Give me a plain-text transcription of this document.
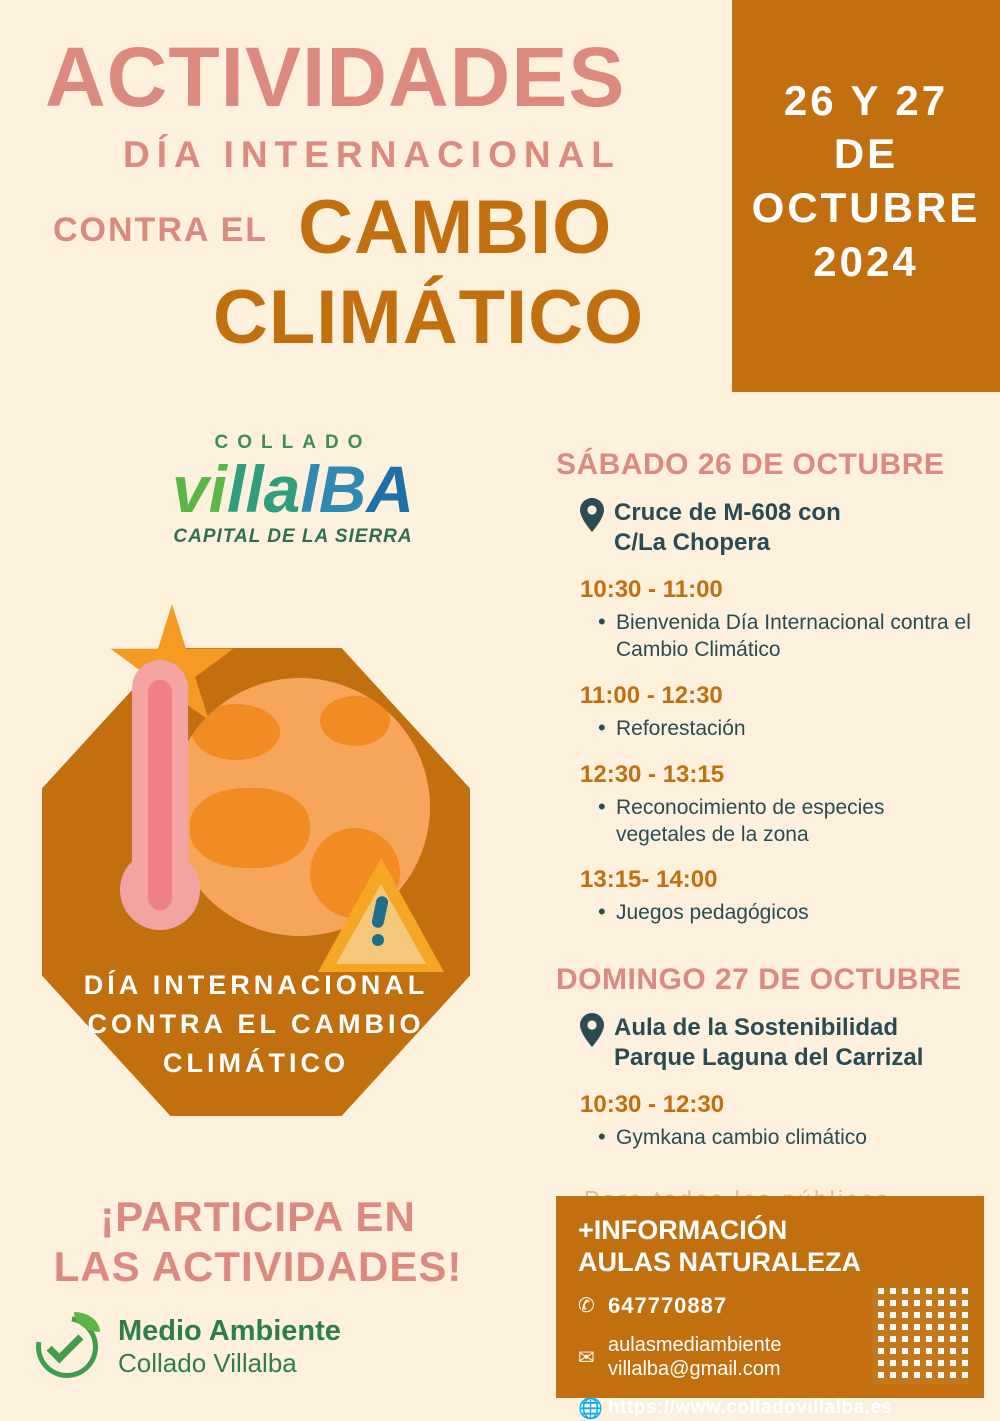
26 Y 27
DE
OCTUBRE
2024
ACTIVIDADES
DÍA INTERNACIONAL
CONTRA EL CAMBIO
CLIMÁTICO
COLLADO
villalBA
CAPITAL DE LA SIERRA
DÍA INTERNACIONAL
CONTRA EL CAMBIO
CLIMÁTICO
¡PARTICIPA EN
LAS ACTIVIDADES!
Medio Ambiente
Collado Villalba
SÁBADO 26 DE OCTUBRE
Cruce de M-608 con
C/La Chopera
10:30 - 11:00
• Bienvenida Día Internacional contra el Cambio Climático
11:00 - 12:30
• Reforestación
12:30 - 13:15
• Reconocimiento de especies vegetales de la zona
13:15- 14:00
• Juegos pedagógicos
DOMINGO 27 DE OCTUBRE
Aula de la Sostenibilidad
Parque Laguna del Carrizal
10:30 - 12:30
• Gymkana cambio climático
+INFORMACIÓN
AULAS NATURALEZA
✆ 647770887
✉
aulasmediambiente
villalba@gmail.com
🌐 https://www.colladovillalba.es
